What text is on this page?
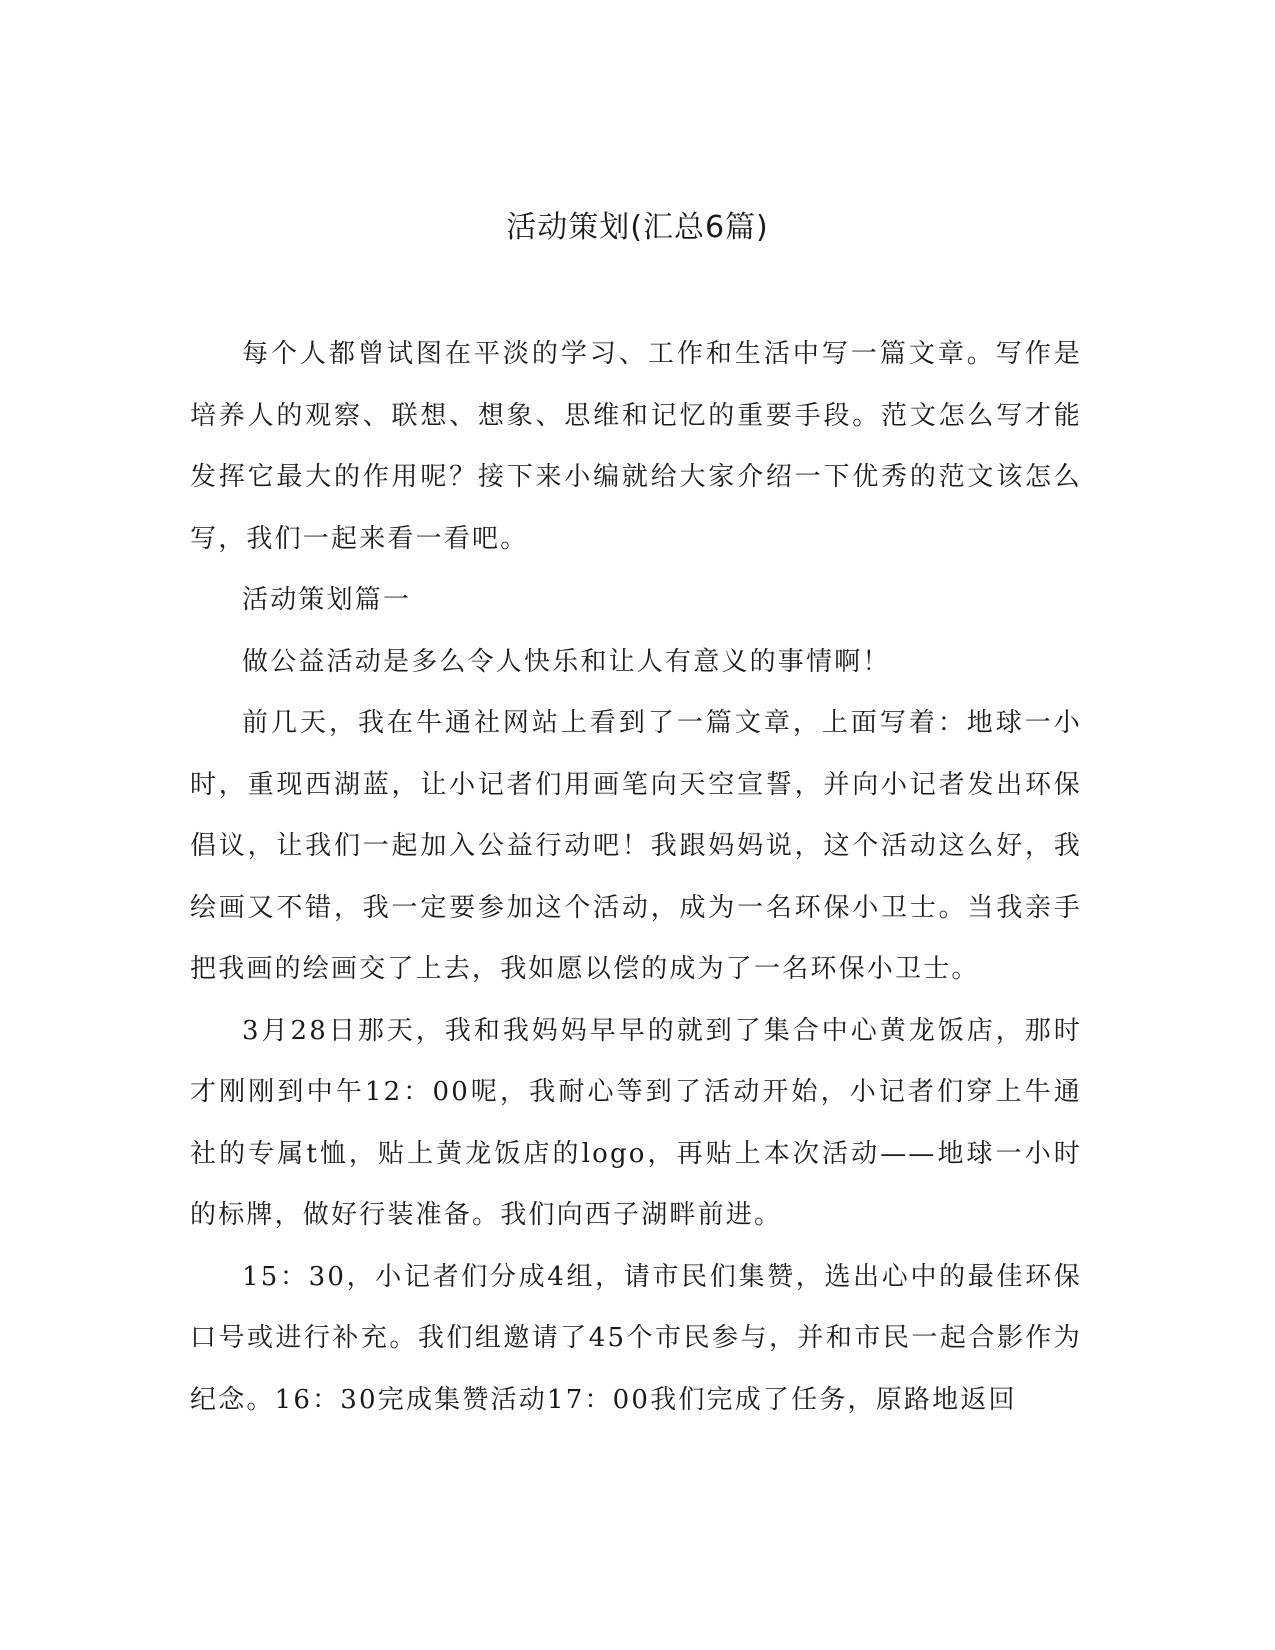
活动策划(汇总6篇)

每个人都曾试图在平淡的学习、工作和生活中写一篇文章。写作是培养人的观察、联想、想象、思维和记忆的重要手段。范文怎么写才能发挥它最大的作用呢？接下来小编就给大家介绍一下优秀的范文该怎么写，我们一起来看一看吧。

活动策划篇一

做公益活动是多么令人快乐和让人有意义的事情啊！

前几天，我在牛通社网站上看到了一篇文章，上面写着：地球一小时，重现西湖蓝，让小记者们用画笔向天空宣誓，并向小记者发出环保倡议，让我们一起加入公益行动吧！我跟妈妈说，这个活动这么好，我绘画又不错，我一定要参加这个活动，成为一名环保小卫士。当我亲手把我画的绘画交了上去，我如愿以偿的成为了一名环保小卫士。

3月28日那天，我和我妈妈早早的就到了集合中心黄龙饭店，那时才刚刚到中午12：00呢，我耐心等到了活动开始，小记者们穿上牛通社的专属t恤，贴上黄龙饭店的logo，再贴上本次活动——地球一小时的标牌，做好行装准备。我们向西子湖畔前进。

15：30，小记者们分成4组，请市民们集赞，选出心中的最佳环保口号或进行补充。我们组邀请了45个市民参与，并和市民一起合影作为纪念。16：30完成集赞活动17：00我们完成了任务，原路地返回
